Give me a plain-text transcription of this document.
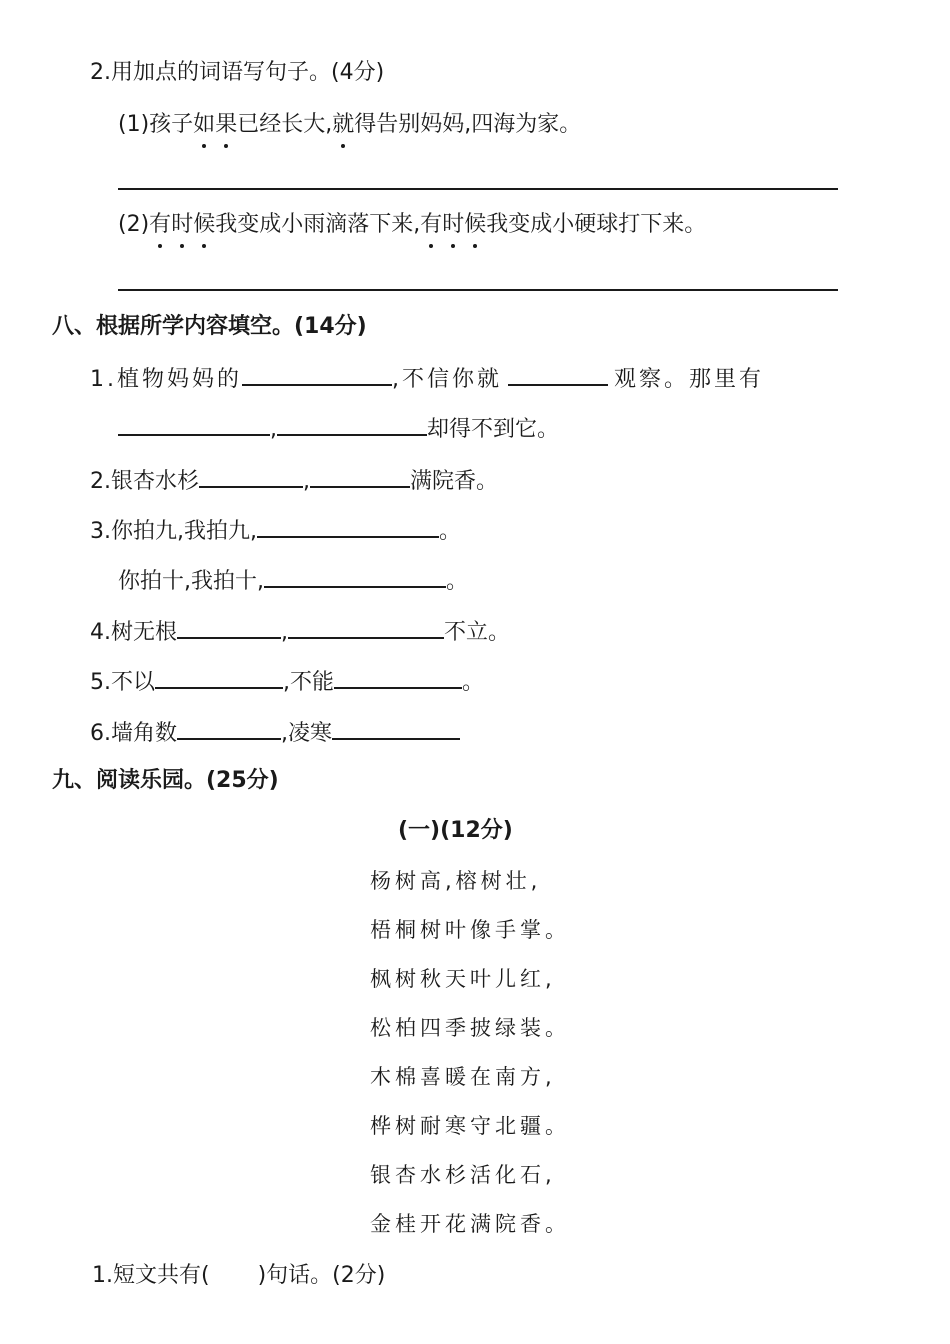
2.用加点的词语写句子。(4分)
(1)孩子如果已经长大,就得告别妈妈,四海为家。
(2)有时候我变成小雨滴落下来,有时候我变成小硬球打下来。
八、根据所学内容填空。(14分)
1.植物妈妈的	,不信你就	观察。那里有
,	却得不到它。
2.银杏水杉	,	满院香。
3.你拍九,我拍九,	。
你拍十,我拍十,	。
4.树无根	,	不立。
5.不以	,不能	。
6.墙角数	,凌寒
九、阅读乐园。(25分)
(一)(12分)
杨树高,榕树壮,
梧桐树叶像手掌。
枫树秋天叶儿红,
松柏四季披绿装。
木棉喜暖在南方,
桦树耐寒守北疆。
银杏水杉活化石,
金桂开花满院香。
1.短文共有( )句话。(2分)
